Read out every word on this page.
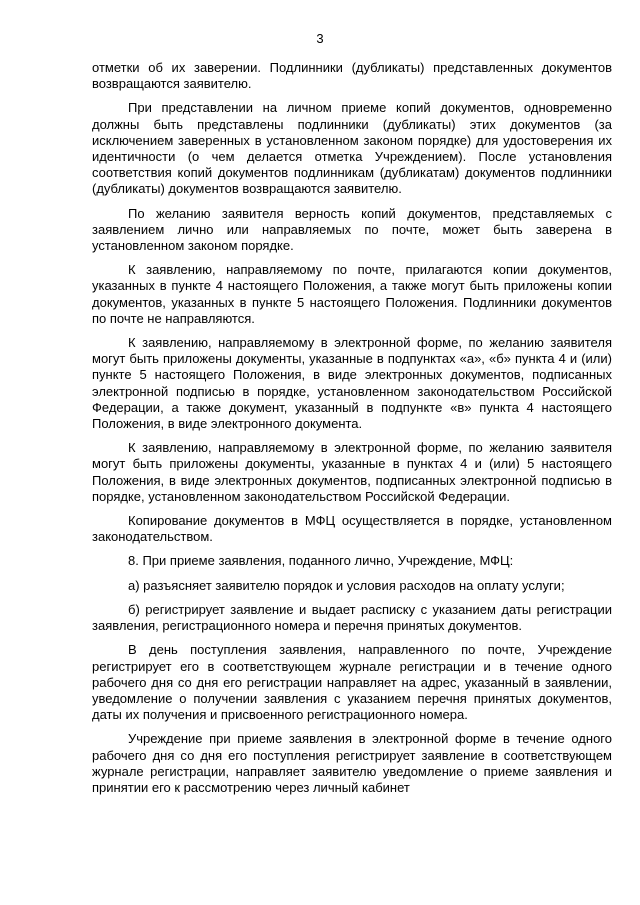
3

отметки об их заверении. Подлинники (дубликаты) представленных документов возвращаются заявителю.

При представлении на личном приеме копий документов, одновременно должны быть представлены подлинники (дубликаты) этих документов (за исключением заверенных в установленном законом порядке) для удостоверения их идентичности (о чем делается отметка Учреждением). После установления соответствия копий документов подлинникам (дубликатам) документов подлинники (дубликаты) документов возвращаются заявителю.

По желанию заявителя верность копий документов, представляемых с заявлением лично или направляемых по почте, может быть заверена в установленном законом порядке.

К заявлению, направляемому по почте, прилагаются копии документов, указанных в пункте 4 настоящего Положения, а также могут быть приложены копии документов, указанных в пункте 5 настоящего Положения. Подлинники документов по почте не направляются.

К заявлению, направляемому в электронной форме, по желанию заявителя могут быть приложены документы, указанные в подпунктах «а», «б» пункта 4 и (или) пункте 5 настоящего Положения, в виде электронных документов, подписанных электронной подписью в порядке, установленном законодательством Российской Федерации, а также документ, указанный в подпункте «в» пункта 4 настоящего Положения, в виде электронного документа.

К заявлению, направляемому в электронной форме, по желанию заявителя могут быть приложены документы, указанные в пунктах 4 и (или) 5 настоящего Положения, в виде электронных документов, подписанных электронной подписью в порядке, установленном законодательством Российской Федерации.

Копирование документов в МФЦ осуществляется в порядке, установленном законодательством.

8. При приеме заявления, поданного лично, Учреждение, МФЦ:

а) разъясняет заявителю порядок и условия расходов на оплату услуги;

б) регистрирует заявление и выдает расписку с указанием даты регистрации заявления, регистрационного номера и перечня принятых документов.

В день поступления заявления, направленного по почте, Учреждение регистрирует его в соответствующем журнале регистрации и в течение одного рабочего дня со дня его регистрации направляет на адрес, указанный в заявлении, уведомление о получении заявления с указанием перечня принятых документов, даты их получения и присвоенного регистрационного номера.

Учреждение при приеме заявления в электронной форме в течение одного рабочего дня со дня его поступления регистрирует заявление в соответствующем журнале регистрации, направляет заявителю уведомление о приеме заявления и принятии его к рассмотрению через личный кабинет
